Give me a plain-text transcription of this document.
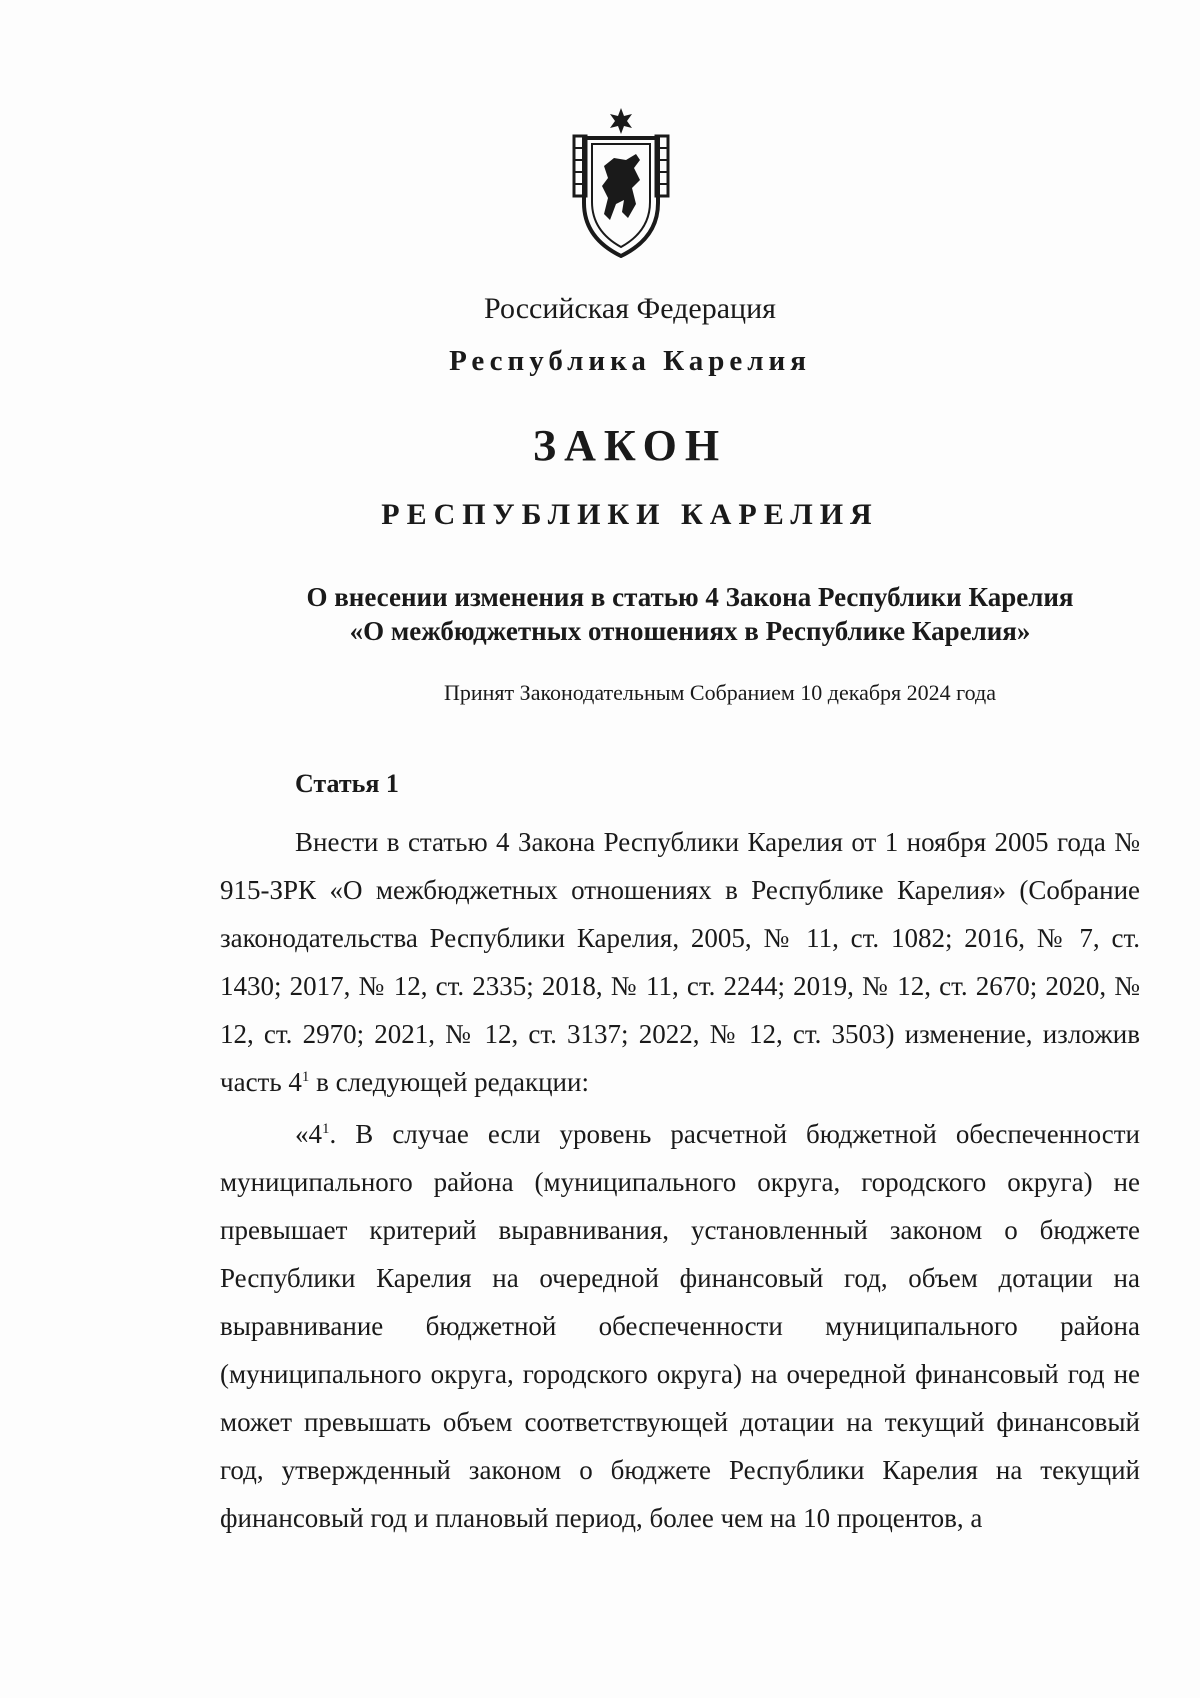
Российская Федерация
Республика Карелия
ЗАКОН
РЕСПУБЛИКИ КАРЕЛИЯ
О внесении изменения в статью 4 Закона Республики Карелия
«О межбюджетных отношениях в Республике Карелия»
Принят Законодательным Собранием 10 декабря 2024 года
Статья 1
Внести в статью 4 Закона Республики Карелия от 1 ноября 2005 года № 915-ЗРК «О межбюджетных отношениях в Республике Карелия» (Собрание законодательства Республики Карелия, 2005, № 11, ст. 1082; 2016, № 7, ст. 1430; 2017, № 12, ст. 2335; 2018, № 11, ст. 2244; 2019, № 12, ст. 2670; 2020, № 12, ст. 2970; 2021, № 12, ст. 3137; 2022, № 12, ст. 3503) изменение, изложив часть $4^1$ в следующей редакции:
«$4^1$. В случае если уровень расчетной бюджетной обеспеченности муниципального района (муниципального округа, городского округа) не превышает критерий выравнивания, установленный законом о бюджете Республики Карелия на очередной финансовый год, объем дотации на выравнивание бюджетной обеспеченности муниципального района (муниципального округа, городского округа) на очередной финансовый год не может превышать объем соответствующей дотации на текущий финансовый год, утвержденный законом о бюджете Республики Карелия на текущий финансовый год и плановый период, более чем на 10 процентов, а
